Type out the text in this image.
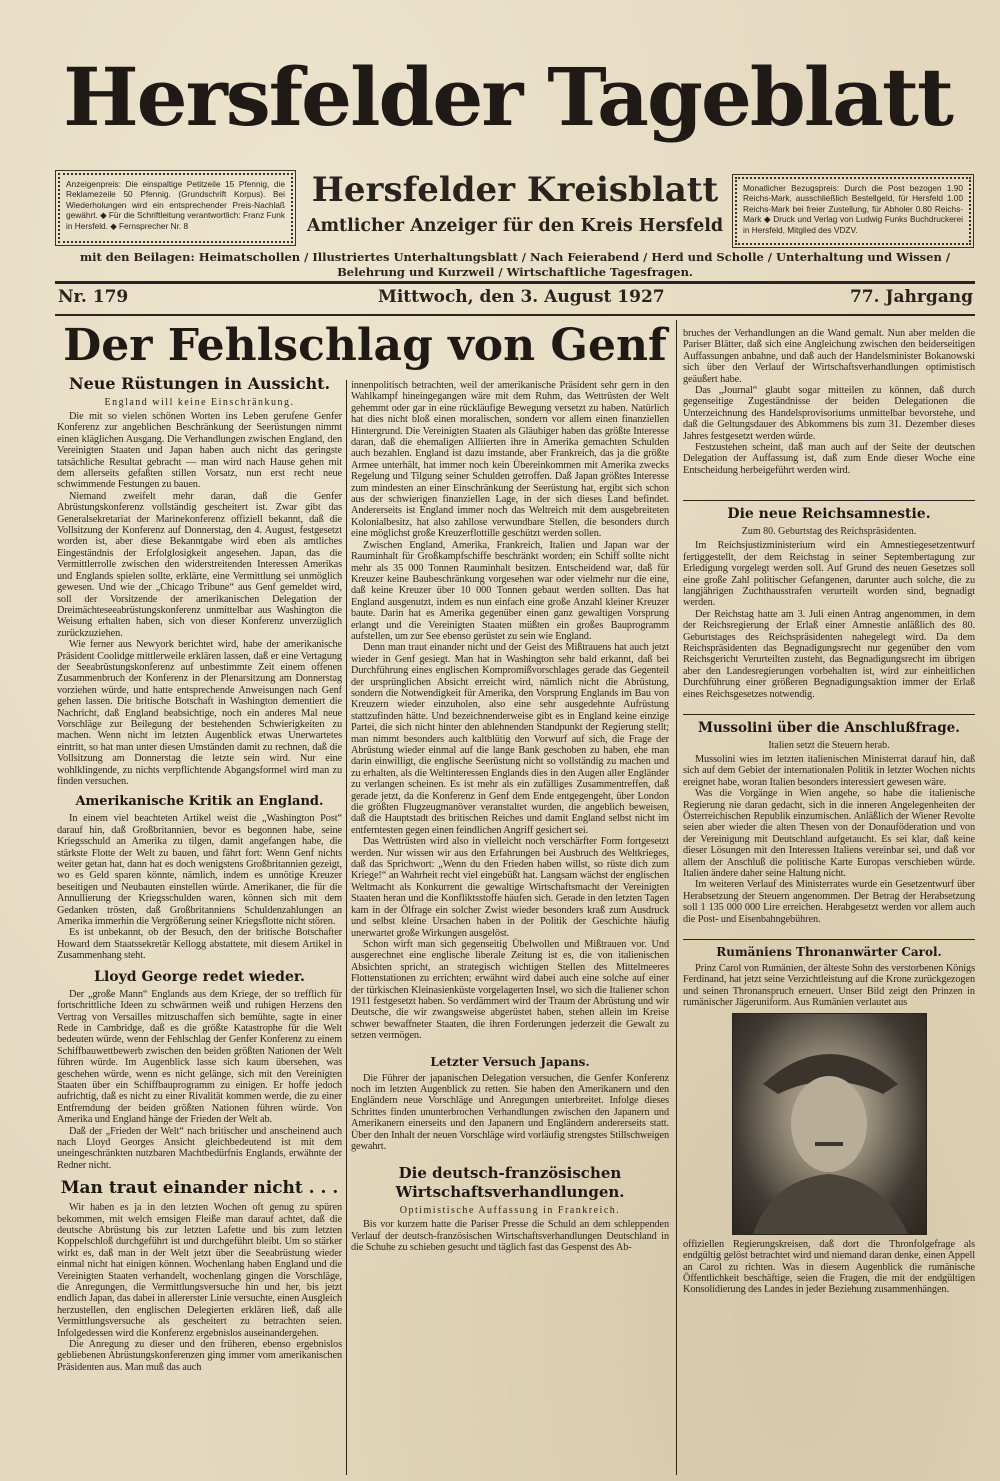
Hersfelder Tageblatt
Anzeigenpreis: Die einspaltige Petitzeile 15 Pfennig, die Reklamezeile 50 Pfennig. (Grundschrift Korpus). Bei Wiederholungen wird ein entsprechender Preis-Nachlaß gewährt. ◆ Für die Schriftleitung verantwortlich: Franz Funk in Hersfeld. ◆ Fernsprecher Nr. 8
Hersfelder Kreisblatt
Amtlicher Anzeiger für den Kreis Hersfeld
Monatlicher Bezugspreis: Durch die Post bezogen 1.90 Reichs-Mark, ausschließlich Bestellgeld, für Hersfeld 1.00 Reichs-Mark bei freier Zustellung, für Abholer 0.80 Reichs-Mark ◆ Druck und Verlag von Ludwig Funks Buchdruckerei in Hersfeld, Mitglied des VDZV.
mit den Beilagen: Heimatschollen / Illustriertes Unterhaltungsblatt / Nach Feierabend / Herd und Scholle / Unterhaltung und Wissen / Belehrung und Kurzweil / Wirtschaftliche Tagesfragen.
Nr. 179	Mittwoch, den 3. August 1927	77. Jahrgang
Der Fehlschlag von Genf
Neue Rüstungen in Aussicht.
England will keine Einschränkung.

Die mit so vielen schönen Worten ins Leben gerufene Genfer Konferenz zur angeblichen Beschränkung der Seerüstungen nimmt einen kläglichen Ausgang. Die Verhandlungen zwischen England, den Vereinigten Staaten und Japan haben auch nicht das geringste tatsächliche Resultat gebracht — man wird nach Hause gehen mit dem allerseits gefaßten stillen Vorsatz, nun erst recht neue schwimmende Festungen zu bauen.

Niemand zweifelt mehr daran, daß die Genfer Abrüstungskonferenz vollständig gescheitert ist. Zwar gibt das Generalsekretariat der Marinekonferenz offiziell bekannt, daß die Vollsitzung der Konferenz auf Donnerstag, den 4. August, festgesetzt worden ist, aber diese Bekanntgabe wird eben als amtliches Eingeständnis der Erfolglosigkeit angesehen. Japan, das die Vermittlerrolle zwischen den widerstreitenden Interessen Amerikas und Englands spielen sollte, erklärte, eine Vermittlung sei unmöglich gewesen. Und wie der „Chicago Tribune“ aus Genf gemeldet wird, soll der Vorsitzende der amerikanischen Delegation der Dreimächteseeabrüstungskonferenz unmittelbar aus Washington die Weisung erhalten haben, sich von dieser Konferenz unverzüglich zurückzuziehen.

Wie ferner aus Newyork berichtet wird, habe der amerikanische Präsident Coolidge mittlerweile erklären lassen, daß er eine Vertagung der Seeabrüstungskonferenz auf unbestimmte Zeit einem offenen Zusammenbruch der Konferenz in der Plenarsitzung am Donnerstag vorziehen würde, und hatte entsprechende Anweisungen nach Genf gehen lassen. Die britische Botschaft in Washington dementiert die Nachricht, daß England beabsichtige, noch ein anderes Mal neue Vorschläge zur Beilegung der bestehenden Schwierigkeiten zu machen. Wenn nicht im letzten Augenblick etwas Unerwartetes eintritt, so hat man unter diesen Umständen damit zu rechnen, daß die Vollsitzung am Donnerstag die letzte sein wird. Nur eine wohlklingende, zu nichts verpflichtende Abgangsformel wird man zu finden versuchen.

Amerikanische Kritik an England.

In einem viel beachteten Artikel weist die „Washington Post“ darauf hin, daß Großbritannien, bevor es begonnen habe, seine Kriegsschuld an Amerika zu tilgen, damit angefangen habe, die stärkste Flotte der Welt zu bauen, und fährt fort: Wenn Genf nichts weiter getan hat, dann hat es doch wenigstens Großbritannien gezeigt, wo es Geld sparen könnte, nämlich, indem es unnötige Kreuzer beseitigen und Neubauten einstellen würde. Amerikaner, die für die Annullierung der Kriegsschulden waren, können sich mit dem Gedanken trösten, daß Großbritanniens Schuldenzahlungen an Amerika immerhin die Vergrößerung seiner Kriegsflotte nicht stören.

Es ist unbekannt, ob der Besuch, den der britische Botschafter Howard dem Staatssekretär Kellogg abstattete, mit diesem Artikel in Zusammenhang steht.

Lloyd George redet wieder.

Der „große Mann“ Englands aus dem Kriege, der so trefflich für fortschrittliche Ideen zu schwärmen weiß und ruhigen Herzens den Vertrag von Versailles mitzuschaffen sich bemühte, sagte in einer Rede in Cambridge, daß es die größte Katastrophe für die Welt bedeuten würde, wenn der Fehlschlag der Genfer Konferenz zu einem Schiffbauwettbewerb zwischen den beiden größten Nationen der Welt führen würde. Im Augenblick lasse sich kaum übersehen, was geschehen würde, wenn es nicht gelänge, sich mit den Vereinigten Staaten über ein Schiffbauprogramm zu einigen. Er hoffe jedoch aufrichtig, daß es nicht zu einer Rivalität kommen werde, die zu einer Entfremdung der beiden größten Nationen führen würde. Von Amerika und England hänge der Frieden der Welt ab.

Daß der „Frieden der Welt“ nach britischer und anscheinend auch nach Lloyd Georges Ansicht gleichbedeutend ist mit dem uneingeschränkten nutzbaren Machtbedürfnis Englands, erwähnte der Redner nicht.

Man traut einander nicht . . .

Wir haben es ja in den letzten Wochen oft genug zu spüren bekommen, mit welch emsigen Fleiße man darauf achtet, daß die deutsche Abrüstung bis zur letzten Lafette und bis zum letzten Koppelschloß durchgeführt ist und durchgeführt bleibt. Um so stärker wirkt es, daß man in der Welt jetzt über die Seeabrüstung wieder einmal nicht hat einigen können. Wochenlang haben England und die Vereinigten Staaten verhandelt, wochenlang gingen die Vorschläge, die Anregungen, die Vermittlungsversuche hin und her, bis jetzt endlich Japan, das dabei in allererster Linie versuchte, einen Ausgleich herzustellen, den englischen Delegierten erklären ließ, daß alle Vermittlungsversuche als gescheitert zu betrachten seien. Infolgedessen wird die Konferenz ergebnislos auseinandergehen.

Die Anregung zu dieser und den früheren, ebenso ergebnislos gebliebenen Abrüstungskonferenzen ging immer vom amerikanischen Präsidenten aus. Man muß das auch

innenpolitisch betrachten, weil der amerikanische Präsident sehr gern in den Wahlkampf hineingegangen wäre mit dem Ruhm, das Wettrüsten der Welt gehemmt oder gar in eine rückläufige Bewegung versetzt zu haben. Natürlich hat dies nicht bloß einen moralischen, sondern vor allem einen finanziellen Hintergrund. Die Vereinigten Staaten als Gläubiger haben das größte Interesse daran, daß die ehemaligen Alliierten ihre in Amerika gemachten Schulden auch bezahlen. England ist dazu imstande, aber Frankreich, das ja die größte Armee unterhält, hat immer noch kein Übereinkommen mit Amerika zwecks Regelung und Tilgung seiner Schulden getroffen. Daß Japan größtes Interesse zum mindesten an einer Einschränkung der Seerüstung hat, ergibt sich schon aus der schwierigen finanziellen Lage, in der sich dieses Land befindet. Andererseits ist England immer noch das Weltreich mit dem ausgebreiteten Kolonialbesitz, hat also zahllose verwundbare Stellen, die besonders durch eine möglichst große Kreuzerflottille geschützt werden sollen.

Zwischen England, Amerika, Frankreich, Italien und Japan war der Rauminhalt für Großkampfschiffe beschränkt worden; ein Schiff sollte nicht mehr als 35 000 Tonnen Rauminhalt besitzen. Entscheidend war, daß für Kreuzer keine Baubeschränkung vorgesehen war oder vielmehr nur die eine, daß keine Kreuzer über 10 000 Tonnen gebaut werden sollten. Das hat England ausgenutzt, indem es nun einfach eine große Anzahl kleiner Kreuzer baute. Darin hat es Amerika gegenüber einen ganz gewaltigen Vorsprung erlangt und die Vereinigten Staaten müßten ein großes Bauprogramm aufstellen, um zur See ebenso gerüstet zu sein wie England.

Denn man traut einander nicht und der Geist des Mißtrauens hat auch jetzt wieder in Genf gesiegt. Man hat in Washington sehr bald erkannt, daß bei Durchführung eines englischen Kompromißvorschlages gerade das Gegenteil der ursprünglichen Absicht erreicht wird, nämlich nicht die Abrüstung, sondern die Notwendigkeit für Amerika, den Vorsprung Englands im Bau von Kreuzern wieder einzuholen, also eine sehr ausgedehnte Aufrüstung stattzufinden hätte. Und bezeichnenderweise gibt es in England keine einzige Partei, die sich nicht hinter den ablehnenden Standpunkt der Regierung stellt; man nimmt besonders auch kaltblütig den Vorwurf auf sich, die Frage der Abrüstung wieder einmal auf die lange Bank geschoben zu haben, ehe man darin einwilligt, die englische Seerüstung nicht so vollständig zu machen und zu erhalten, als die Weltinteressen Englands dies in den Augen aller Engländer zu verlangen scheinen. Es ist mehr als ein zufälliges Zusammentreffen, daß gerade jetzt, da die Konferenz in Genf dem Ende entgegengeht, über London die größten Flugzeugmanöver veranstaltet wurden, die angeblich beweisen, daß die Hauptstadt des britischen Reiches und damit England selbst nicht im entferntesten gegen einen feindlichen Angriff gesichert sei.

Das Wettrüsten wird also in vielleicht noch verschärfter Form fortgesetzt werden. Nur wissen wir aus den Erfahrungen bei Ausbruch des Weltkrieges, daß das Sprichwort: „Wenn du den Frieden haben willst, so rüste dich zum Kriege!“ an Wahrheit recht viel eingebüßt hat. Langsam wächst der englischen Weltmacht als Konkurrent die gewaltige Wirtschaftsmacht der Vereinigten Staaten heran und die Konfliktsstoffe häufen sich. Gerade in den letzten Tagen kam in der Ölfrage ein solcher Zwist wieder besonders kraß zum Ausdruck und selbst kleine Ursachen haben in der Politik der Geschichte häufig unerwartet große Wirkungen ausgelöst.

Schon wirft man sich gegenseitig Übelwollen und Mißtrauen vor. Und ausgerechnet eine englische liberale Zeitung ist es, die von italienischen Absichten spricht, an strategisch wichtigen Stellen des Mittelmeeres Flottenstationen zu errichten; erwähnt wird dabei auch eine solche auf einer der türkischen Kleinasienküste vorgelagerten Insel, wo sich die Italiener schon 1911 festgesetzt haben. So verdämmert wird der Traum der Abrüstung und wir Deutsche, die wir zwangsweise abgerüstet haben, stehen allein im Kreise schwer bewaffneter Staaten, die ihren Forderungen jederzeit die Gewalt zu setzen vermögen.

Letzter Versuch Japans.

Die Führer der japanischen Delegation versuchen, die Genfer Konferenz noch im letzten Augenblick zu retten. Sie haben den Amerikanern und den Engländern neue Vorschläge und Anregungen unterbreitet. Infolge dieses Schrittes finden ununterbrochen Verhandlungen zwischen den Japanern und Amerikanern einerseits und den Japanern und Engländern andererseits statt. Über den Inhalt der neuen Vorschläge wird vorläufig strengstes Stillschweigen gewahrt.

Die deutsch-französischen Wirtschaftsverhandlungen.
Optimistische Auffassung in Frankreich.

Bis vor kurzem hatte die Pariser Presse die Schuld an dem schleppenden Verlauf der deutsch-französischen Wirtschaftsverhandlungen Deutschland in die Schuhe zu schieben gesucht und täglich fast das Gespenst des Ab-

bruches der Verhandlungen an die Wand gemalt. Nun aber melden die Pariser Blätter, daß sich eine Angleichung zwischen den beiderseitigen Auffassungen anbahne, und daß auch der Handelsminister Bokanowski sich über den Verlauf der Wirtschaftsverhandlungen optimistisch geäußert habe.

Das „Journal“ glaubt sogar mitteilen zu können, daß durch gegenseitige Zugeständnisse der beiden Delegationen die Unterzeichnung des Handelsprovisoriums unmittelbar bevorstehe, und daß die Geltungsdauer des Abkommens bis zum 31. Dezember dieses Jahres festgesetzt werden würde.

Festzustehen scheint, daß man auch auf der Seite der deutschen Delegation der Auffassung ist, daß zum Ende dieser Woche eine Entscheidung herbeigeführt werden wird.

Die neue Reichsamnestie.
Zum 80. Geburtstag des Reichspräsidenten.

Im Reichsjustizministerium wird ein Amnestiegesetzentwurf fertiggestellt, der dem Reichstag in seiner Septembertagung zur Erledigung vorgelegt werden soll. Auf Grund des neuen Gesetzes soll eine große Zahl politischer Gefangenen, darunter auch solche, die zu langjährigen Zuchthausstrafen verurteilt worden sind, begnadigt werden.

Der Reichstag hatte am 3. Juli einen Antrag angenommen, in dem der Reichsregierung der Erlaß einer Amnestie anläßlich des 80. Geburtstages des Reichspräsidenten nahegelegt wird. Da dem Reichspräsidenten das Begnadigungsrecht nur gegenüber den vom Reichsgericht Verurteilten zusteht, das Begnadigungsrecht im übrigen aber den Landesregierungen vorbehalten ist, wird zur einheitlichen Durchführung einer größeren Begnadigungsaktion immer der Erlaß eines Reichsgesetzes notwendig.

Mussolini über die Anschlußfrage.
Italien setzt die Steuern herab.

Mussolini wies im letzten italienischen Ministerrat darauf hin, daß sich auf dem Gebiet der internationalen Politik in letzter Wochen nichts ereignet habe, woran Italien besonders interessiert gewesen wäre.

Was die Vorgänge in Wien angehe, so habe die italienische Regierung nie daran gedacht, sich in die inneren Angelegenheiten der Österreichischen Republik einzumischen. Anläßlich der Wiener Revolte seien aber wieder die alten Thesen von der Donauföderation und von der Vereinigung mit Deutschland aufgetaucht. Es sei klar, daß keine dieser Lösungen mit den Interessen Italiens vereinbar sei, und daß vor allem der Anschluß die politische Karte Europas verschieben würde. Italien ändere daher seine Haltung nicht.

Im weiteren Verlauf des Ministerrates wurde ein Gesetzentwurf über Herabsetzung der Steuern angenommen. Der Betrag der Herabsetzung soll 1 135 000 000 Lire erreichen. Herabgesetzt werden vor allem auch die Post- und Eisenbahngebühren.

Rumäniens Thronanwärter Carol.

Prinz Carol von Rumänien, der älteste Sohn des verstorbenen Königs Ferdinand, hat jetzt seine Verzichtleistung auf die Krone zurückgezogen und seinen Thronanspruch erneuert. Unser Bild zeigt den Prinzen in rumänischer Jägeruniform. Aus Rumänien verlautet aus

offiziellen Regierungskreisen, daß dort die Thronfolgefrage als endgültig gelöst betrachtet wird und niemand daran denke, einen Appell an Carol zu richten. Was in diesem Augenblick die rumänische Öffentlichkeit beschäftige, seien die Fragen, die mit der endgültigen Konsolidierung des Landes in jeder Beziehung zusammenhängen.
